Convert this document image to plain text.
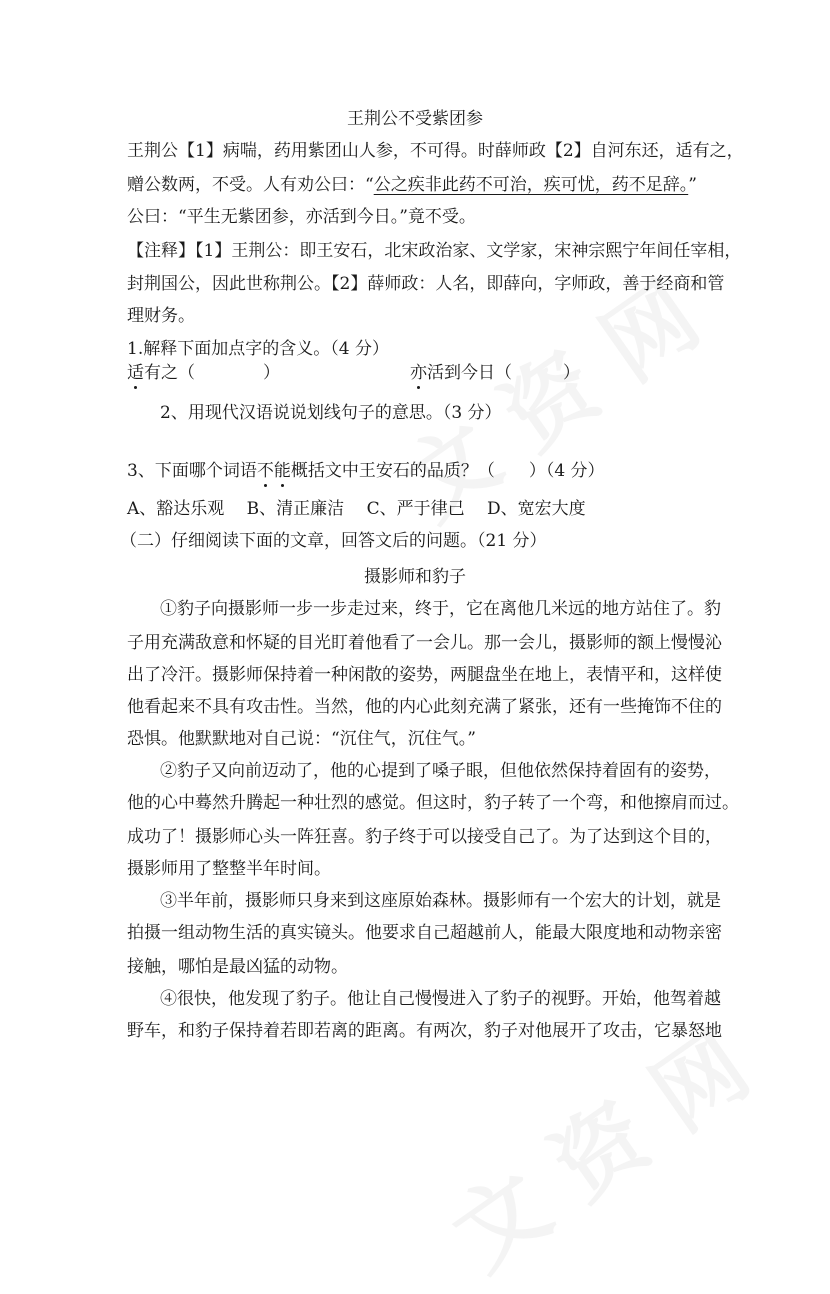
王荆公不受紫团参
王荆公【1】病喘，药用紫团山人参，不可得。时薛师政【2】自河东还，适有之，
赠公数两，不受。人有劝公曰：“公之疾非此药不可治，疾可忧，药不足辞。”
公曰：“平生无紫团参，亦活到今日。”竟不受。
【注释】【1】王荆公：即王安石，北宋政治家、文学家，宋神宗熙宁年间任宰相，
封荆国公，因此世称荆公。【2】薛师政：人名，即薛向，字师政，善于经商和管
理财务。
1.解释下面加点字的含义。（4 分）
适有之（　　　　）	亦活到今日（　　　）
2、用现代汉语说说划线句子的意思。（3 分）
3、下面哪个词语不能概括文中王安石的品质？（　　）（4 分）
A、豁达乐观　 B、清正廉洁　 C、严于律己　 D、宽宏大度
（二）仔细阅读下面的文章，回答文后的问题。（21 分）
摄影师和豹子
①豹子向摄影师一步一步走过来，终于，它在离他几米远的地方站住了。豹
子用充满敌意和怀疑的目光盯着他看了一会儿。那一会儿，摄影师的额上慢慢沁
出了冷汗。摄影师保持着一种闲散的姿势，两腿盘坐在地上，表情平和，这样使
他看起来不具有攻击性。当然，他的内心此刻充满了紧张，还有一些掩饰不住的
恐惧。他默默地对自己说：“沉住气，沉住气。”
②豹子又向前迈动了，他的心提到了嗓子眼，但他依然保持着固有的姿势，
他的心中蓦然升腾起一种壮烈的感觉。但这时，豹子转了一个弯，和他擦肩而过。
成功了！摄影师心头一阵狂喜。豹子终于可以接受自己了。为了达到这个目的，
摄影师用了整整半年时间。
③半年前，摄影师只身来到这座原始森林。摄影师有一个宏大的计划，就是
拍摄一组动物生活的真实镜头。他要求自己超越前人，能最大限度地和动物亲密
接触，哪怕是最凶猛的动物。
④很快，他发现了豹子。他让自己慢慢进入了豹子的视野。开始，他驾着越
野车，和豹子保持着若即若离的距离。有两次，豹子对他展开了攻击，它暴怒地
